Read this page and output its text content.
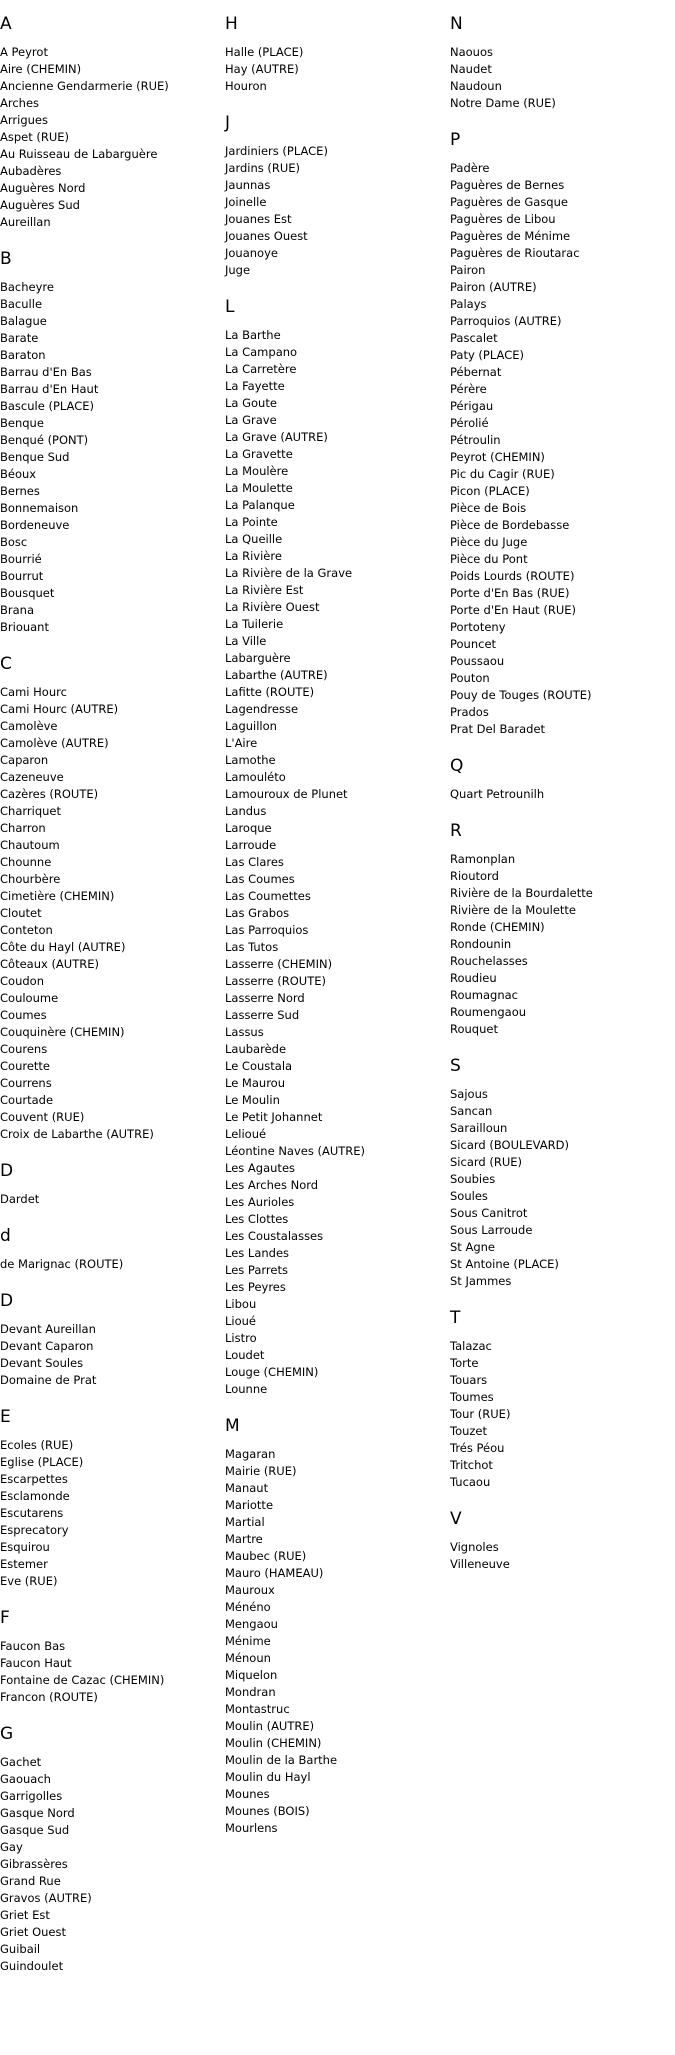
A
A Peyrot
Aire (CHEMIN)
Ancienne Gendarmerie (RUE)
Arches
Arrigues
Aspet (RUE)
Au Ruisseau de Labarguère
Aubadères
Auguères Nord
Auguères Sud
Aureillan
B
Bacheyre
Baculle
Balague
Barate
Baraton
Barrau d'En Bas
Barrau d'En Haut
Bascule (PLACE)
Benque
Benqué (PONT)
Benque Sud
Béoux
Bernes
Bonnemaison
Bordeneuve
Bosc
Bourrié
Bourrut
Bousquet
Brana
Briouant
C
Cami Hourc
Cami Hourc (AUTRE)
Camolève
Camolève (AUTRE)
Caparon
Cazeneuve
Cazères (ROUTE)
Charriquet
Charron
Chautoum
Chounne
Chourbère
Cimetière (CHEMIN)
Cloutet
Conteton
Côte du Hayl (AUTRE)
Côteaux (AUTRE)
Coudon
Couloume
Coumes
Couquinère (CHEMIN)
Courens
Courette
Courrens
Courtade
Couvent (RUE)
Croix de Labarthe (AUTRE)
D
Dardet
d
de Marignac (ROUTE)
D
Devant Aureillan
Devant Caparon
Devant Soules
Domaine de Prat
E
Ecoles (RUE)
Eglise (PLACE)
Escarpettes
Esclamonde
Escutarens
Esprecatory
Esquirou
Estemer
Eve (RUE)
F
Faucon Bas
Faucon Haut
Fontaine de Cazac (CHEMIN)
Francon (ROUTE)
G
Gachet
Gaouach
Garrigolles
Gasque Nord
Gasque Sud
Gay
Gibrassères
Grand Rue
Gravos (AUTRE)
Griet Est
Griet Ouest
Guibail
Guindoulet
H
Halle (PLACE)
Hay (AUTRE)
Houron
J
Jardiniers (PLACE)
Jardins (RUE)
Jaunnas
Joinelle
Jouanes Est
Jouanes Ouest
Jouanoye
Juge
L
La Barthe
La Campano
La Carretère
La Fayette
La Goute
La Grave
La Grave (AUTRE)
La Gravette
La Moulère
La Moulette
La Palanque
La Pointe
La Queille
La Rivière
La Rivière de la Grave
La Rivière Est
La Rivière Ouest
La Tuilerie
La Ville
Labarguère
Labarthe (AUTRE)
Lafitte (ROUTE)
Lagendresse
Laguillon
L'Aire
Lamothe
Lamouléto
Lamouroux de Plunet
Landus
Laroque
Larroude
Las Clares
Las Coumes
Las Coumettes
Las Grabos
Las Parroquios
Las Tutos
Lasserre (CHEMIN)
Lasserre (ROUTE)
Lasserre Nord
Lasserre Sud
Lassus
Laubarède
Le Coustala
Le Maurou
Le Moulin
Le Petit Johannet
Lelioué
Léontine Naves (AUTRE)
Les Agautes
Les Arches Nord
Les Aurioles
Les Clottes
Les Coustalasses
Les Landes
Les Parrets
Les Peyres
Libou
Lioué
Listro
Loudet
Louge (CHEMIN)
Lounne
M
Magaran
Mairie (RUE)
Manaut
Mariotte
Martial
Martre
Maubec (RUE)
Mauro (HAMEAU)
Mauroux
Ménéno
Mengaou
Ménime
Ménoun
Miquelon
Mondran
Montastruc
Moulin (AUTRE)
Moulin (CHEMIN)
Moulin de la Barthe
Moulin du Hayl
Mounes
Mounes (BOIS)
Mourlens
N
Naouos
Naudet
Naudoun
Notre Dame (RUE)
P
Padère
Paguères de Bernes
Paguères de Gasque
Paguères de Libou
Paguères de Ménime
Paguères de Rioutarac
Pairon
Pairon (AUTRE)
Palays
Parroquios (AUTRE)
Pascalet
Paty (PLACE)
Pébernat
Pérère
Périgau
Pérolié
Pétroulin
Peyrot (CHEMIN)
Pic du Cagir (RUE)
Picon (PLACE)
Pièce de Bois
Pièce de Bordebasse
Pièce du Juge
Pièce du Pont
Poids Lourds (ROUTE)
Porte d'En Bas (RUE)
Porte d'En Haut (RUE)
Portoteny
Pouncet
Poussaou
Pouton
Pouy de Touges (ROUTE)
Prados
Prat Del Baradet
Q
Quart Petrounilh
R
Ramonplan
Rioutord
Rivière de la Bourdalette
Rivière de la Moulette
Ronde (CHEMIN)
Rondounin
Rouchelasses
Roudieu
Roumagnac
Roumengaou
Rouquet
S
Sajous
Sancan
Sarailloun
Sicard (BOULEVARD)
Sicard (RUE)
Soubies
Soules
Sous Canitrot
Sous Larroude
St Agne
St Antoine (PLACE)
St Jammes
T
Talazac
Torte
Touars
Toumes
Tour (RUE)
Touzet
Trés Péou
Tritchot
Tucaou
V
Vignoles
Villeneuve
